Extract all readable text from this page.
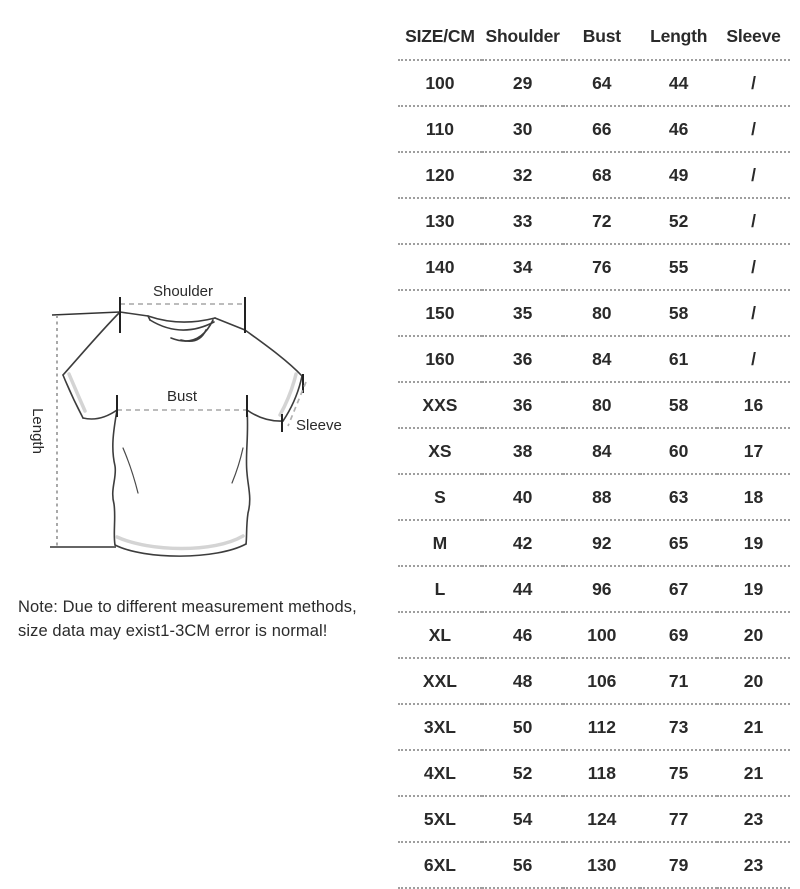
Shoulder
Bust
Length	Sleeve
Note: Due to different measurement methods,
size data may exist1-3CM error is normal!
SIZE/CM	Shoulder	Bust	Length	Sleeve
100	29	64	44	/
110	30	66	46	/
120	32	68	49	/
130	33	72	52	/
140	34	76	55	/
150	35	80	58	/
160	36	84	61	/
XXS	36	80	58	16
XS	38	84	60	17
S	40	88	63	18
M	42	92	65	19
L	44	96	67	19
XL	46	100	69	20
XXL	48	106	71	20
3XL	50	112	73	21
4XL	52	118	75	21
5XL	54	124	77	23
6XL	56	130	79	23
